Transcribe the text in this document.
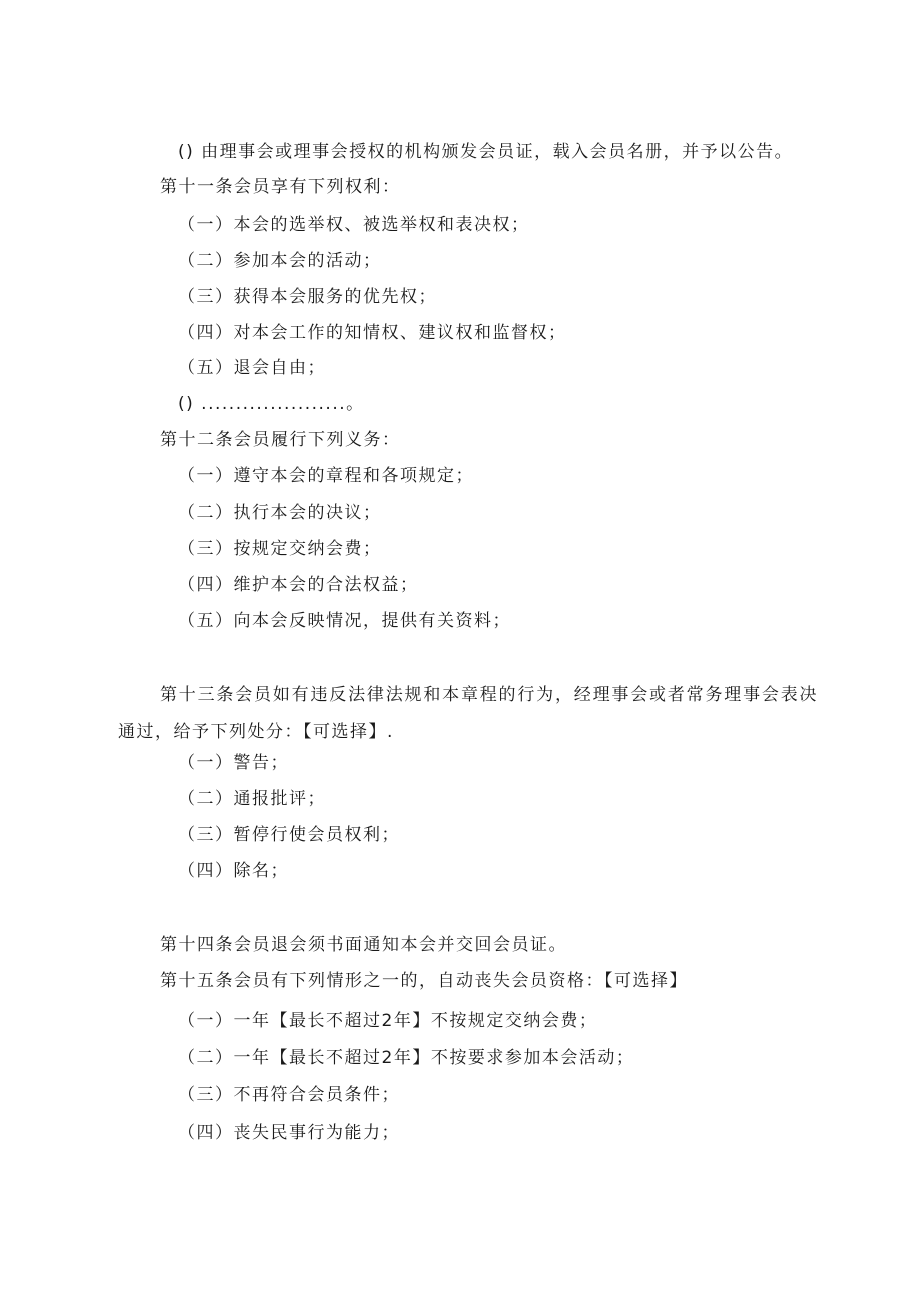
() 由理事会或理事会授权的机构颁发会员证，载入会员名册，并予以公告。
第十一条会员享有下列权利：
（一）本会的选举权、被选举权和表决权；
（二）参加本会的活动；
（三）获得本会服务的优先权；
（四）对本会工作的知情权、建议权和监督权；
（五）退会自由；
() .....................。
第十二条会员履行下列义务：
（一）遵守本会的章程和各项规定；
（二）执行本会的决议；
（三）按规定交纳会费；
（四）维护本会的合法权益；
（五）向本会反映情况，提供有关资料；
第十三条会员如有违反法律法规和本章程的行为，经理事会或者常务理事会表决通过，给予下列处分：【可选择】.
（一）警告；
（二）通报批评；
（三）暂停行使会员权利；
（四）除名；
第十四条会员退会须书面通知本会并交回会员证。
第十五条会员有下列情形之一的，自动丧失会员资格：【可选择】
（一）一年【最长不超过2年】不按规定交纳会费；
（二）一年【最长不超过2年】不按要求参加本会活动；
（三）不再符合会员条件；
（四）丧失民事行为能力；
